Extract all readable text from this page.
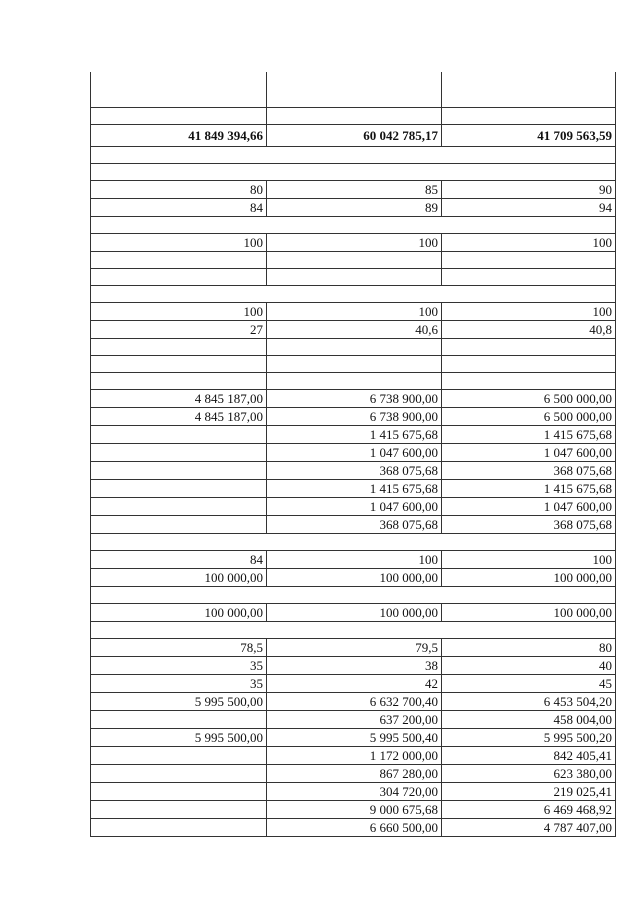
41 849 394,66	60 042 785,17	41 709 563,59

80	85	90
84	89	94

100	100	100

100	100	100
27	40,6	40,8

4 845 187,00	6 738 900,00	6 500 000,00
4 845 187,00	6 738 900,00	6 500 000,00
	1 415 675,68	1 415 675,68
	1 047 600,00	1 047 600,00
	368 075,68	368 075,68
	1 415 675,68	1 415 675,68
	1 047 600,00	1 047 600,00
	368 075,68	368 075,68

84	100	100
100 000,00	100 000,00	100 000,00

100 000,00	100 000,00	100 000,00

78,5	79,5	80
35	38	40
35	42	45
5 995 500,00	6 632 700,40	6 453 504,20
	637 200,00	458 004,00
5 995 500,00	5 995 500,40	5 995 500,20
	1 172 000,00	842 405,41
	867 280,00	623 380,00
	304 720,00	219 025,41
	9 000 675,68	6 469 468,92
	6 660 500,00	4 787 407,00
